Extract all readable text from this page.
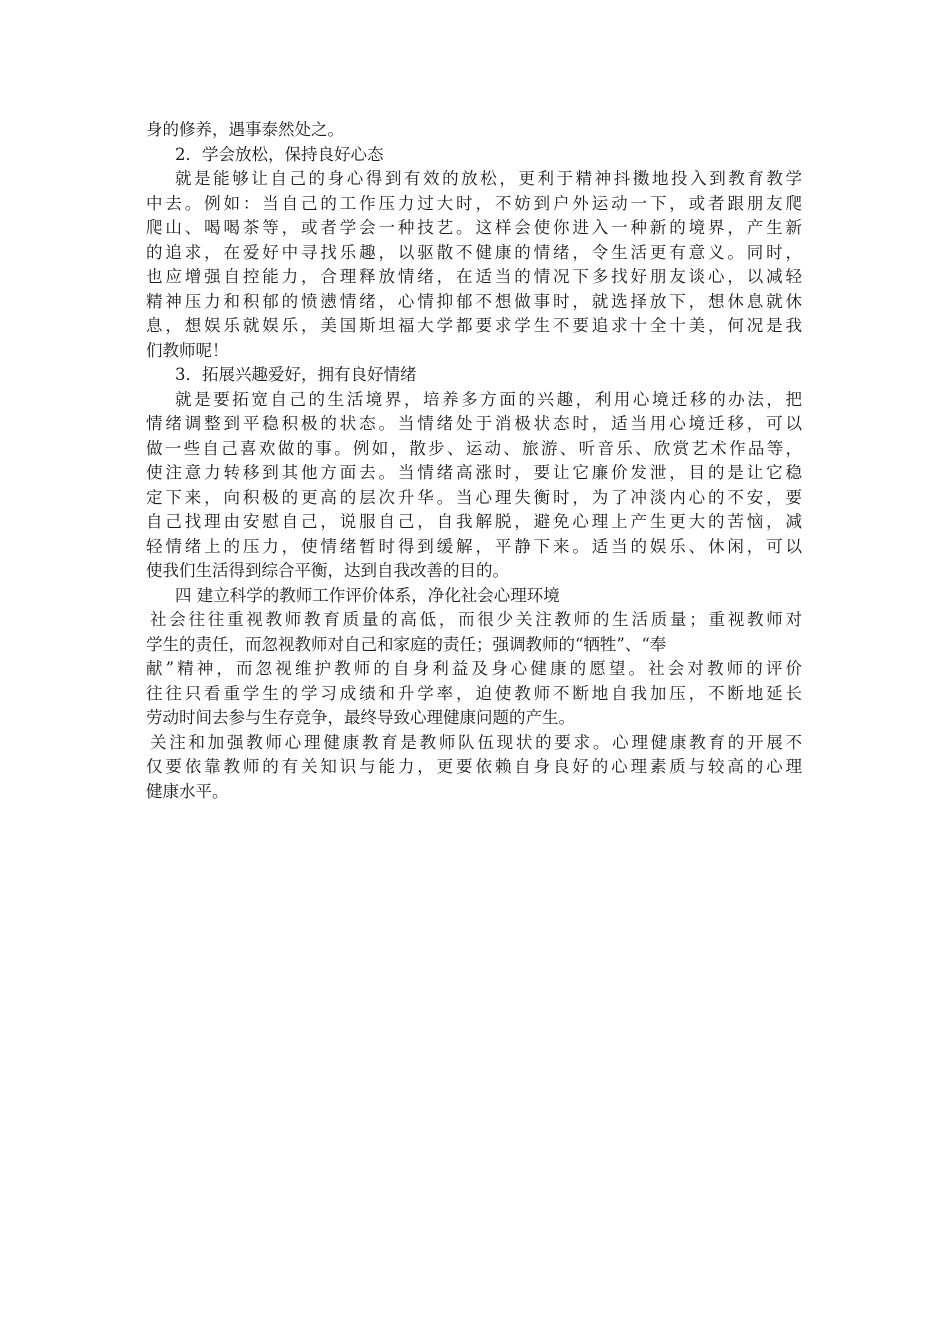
身的修养，遇事泰然处之。
2．学会放松，保持良好心态
就是能够让自己的身心得到有效的放松，更利于精神抖擞地投入到教育教学
中去。例如：当自己的工作压力过大时，不妨到户外运动一下，或者跟朋友爬
爬山、喝喝茶等，或者学会一种技艺。这样会使你进入一种新的境界，产生新
的追求，在爱好中寻找乐趣，以驱散不健康的情绪，令生活更有意义。同时，
也应增强自控能力，合理释放情绪，在适当的情况下多找好朋友谈心，以减轻
精神压力和积郁的愤懑情绪，心情抑郁不想做事时，就选择放下，想休息就休
息，想娱乐就娱乐，美国斯坦福大学都要求学生不要追求十全十美，何况是我
们教师呢！
3．拓展兴趣爱好，拥有良好情绪
就是要拓宽自己的生活境界，培养多方面的兴趣，利用心境迁移的办法，把
情绪调整到平稳积极的状态。当情绪处于消极状态时，适当用心境迁移，可以
做一些自己喜欢做的事。例如，散步、运动、旅游、听音乐、欣赏艺术作品等，
使注意力转移到其他方面去。当情绪高涨时，要让它廉价发泄，目的是让它稳
定下来，向积极的更高的层次升华。当心理失衡时，为了冲淡内心的不安，要
自己找理由安慰自己，说服自己，自我解脱，避免心理上产生更大的苦恼，减
轻情绪上的压力，使情绪暂时得到缓解，平静下来。适当的娱乐、休闲，可以
使我们生活得到综合平衡，达到自我改善的目的。
四 建立科学的教师工作评价体系，净化社会心理环境
社会往往重视教师教育质量的高低，而很少关注教师的生活质量；重视教师对
学生的责任，而忽视教师对自己和家庭的责任；强调教师的“牺牲”、“奉
献”精神，而忽视维护教师的自身利益及身心健康的愿望。社会对教师的评价
往往只看重学生的学习成绩和升学率，迫使教师不断地自我加压，不断地延长
劳动时间去参与生存竞争，最终导致心理健康问题的产生。
关注和加强教师心理健康教育是教师队伍现状的要求。心理健康教育的开展不
仅要依靠教师的有关知识与能力，更要依赖自身良好的心理素质与较高的心理
健康水平。
